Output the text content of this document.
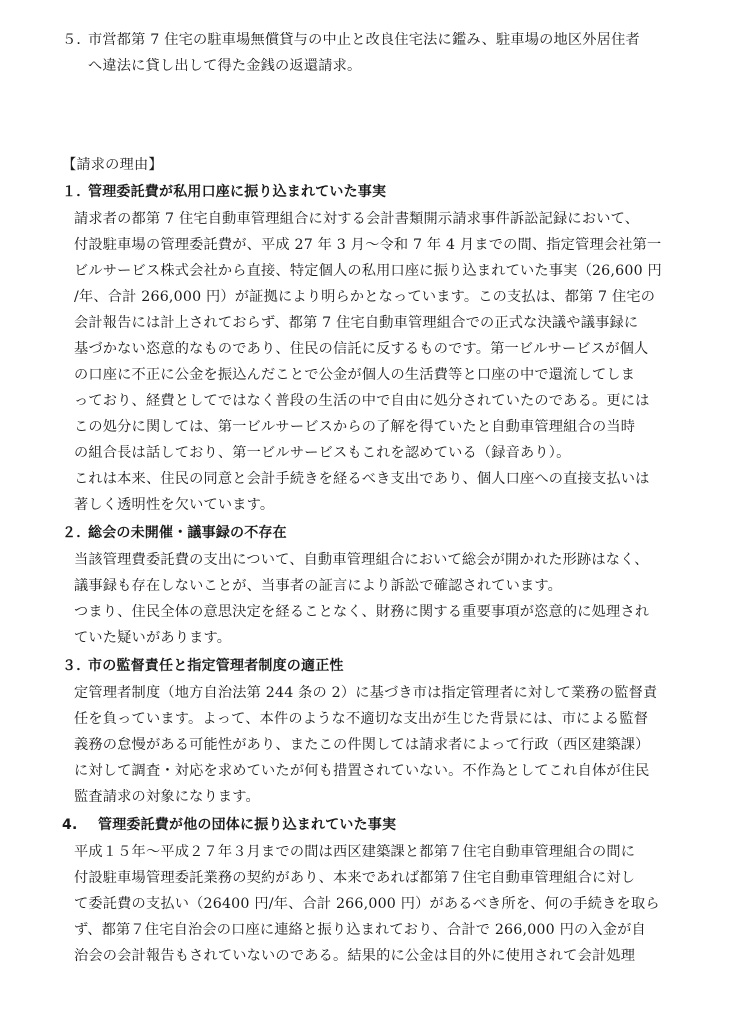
５．市営都第 7 住宅の駐車場無償貸与の中止と改良住宅法に鑑み、駐車場の地区外居住者
へ違法に貸し出して得た金銭の返還請求。
【請求の理由】
１．管理委託費が私用口座に振り込まれていた事実
請求者の都第 7 住宅自動車管理組合に対する会計書類開示請求事件訴訟記録において、
付設駐車場の管理委託費が、平成 27 年 3 月～令和 7 年 4 月までの間、指定管理会社第一
ビルサービス株式会社から直接、特定個人の私用口座に振り込まれていた事実（26,600 円
/年、合計 266,000 円）が証拠により明らかとなっています。この支払は、都第 7 住宅の
会計報告には計上されておらず、都第 7 住宅自動車管理組合での正式な決議や議事録に
基づかない恣意的なものであり、住民の信託に反するものです。第一ビルサービスが個人
の口座に不正に公金を振込んだことで公金が個人の生活費等と口座の中で還流してしま
っており、経費としてではなく普段の生活の中で自由に処分されていたのである。更には
この処分に関しては、第一ビルサービスからの了解を得ていたと自動車管理組合の当時
の組合長は話しており、第一ビルサービスもこれを認めている（録音あり）。
これは本来、住民の同意と会計手続きを経るべき支出であり、個人口座への直接支払いは
著しく透明性を欠いています。
２．総会の未開催・議事録の不存在
当該管理費委託費の支出について、自動車管理組合において総会が開かれた形跡はなく、
議事録も存在しないことが、当事者の証言により訴訟で確認されています。
つまり、住民全体の意思決定を経ることなく、財務に関する重要事項が恣意的に処理され
ていた疑いがあります。
３．市の監督責任と指定管理者制度の適正性
定管理者制度（地方自治法第 244 条の 2）に基づき市は指定管理者に対して業務の監督責
任を負っています。よって、本件のような不適切な支出が生じた背景には、市による監督
義務の怠慢がある可能性があり、またこの件関しては請求者によって行政（西区建築課）
に対して調査・対応を求めていたが何も措置されていない。不作為としてこれ自体が住民
監査請求の対象になります。
4. 管理委託費が他の団体に振り込まれていた事実
平成１５年～平成２７年３月までの間は西区建築課と都第７住宅自動車管理組合の間に
付設駐車場管理委託業務の契約があり、本来であれば都第７住宅自動車管理組合に対し
て委託費の支払い（26400 円/年、合計 266,000 円）があるべき所を、何の手続きを取ら
ず、都第７住宅自治会の口座に連絡と振り込まれており、合計で 266,000 円の入金が自
治会の会計報告もされていないのである。結果的に公金は目的外に使用されて会計処理
